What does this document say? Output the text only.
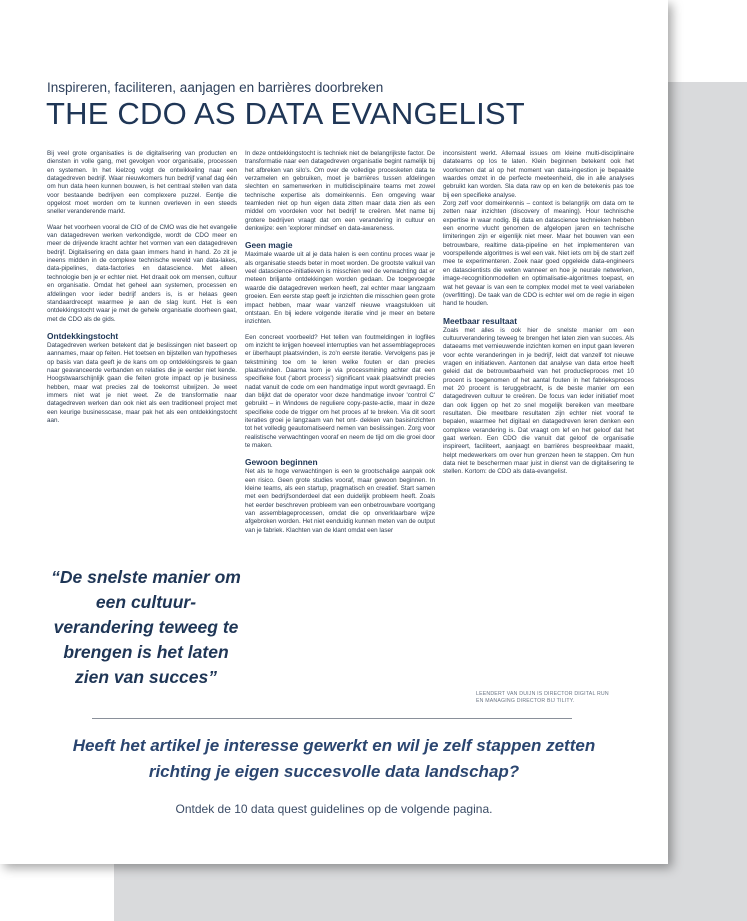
Inspireren, faciliteren, aanjagen en barrières doorbreken
THE CDO AS DATA EVANGELIST

Bij veel grote organisaties is de digitalisering van producten en diensten in volle gang, met gevolgen voor organisatie, processen en systemen. In het kielzog volgt de ontwikkeling naar een datagedreven bedrijf. Waar nieuwkomers hun bedrijf vanaf dag één om hun data heen kunnen bouwen, is het centraal stellen van data voor bestaande bedrijven een complexere puzzel. Eentje die opgelost moet worden om te kunnen overleven in een steeds sneller veranderende markt.

Waar het voorheen vooral de CIO of de CMO was die het evangelie van datagedreven werken verkondigde, wordt de CDO meer en meer de drijvende kracht achter het vormen van een datagedreven bedrijf. Digitalisering en data gaan immers hand in hand. Zo zit je ineens midden in de complexe technische wereld van data-lakes, data-pipelines, data-factories en datascience. Met alleen technologie ben je er echter niet. Het draait ook om mensen, cultuur en organisatie. Omdat het geheel aan systemen, processen en afdelingen voor ieder bedrijf anders is, is er helaas geen standaardrecept waarmee je aan de slag kunt. Het is een ontdekkingstocht waar je met de gehele organisatie doorheen gaat, met de CDO als de gids.

Ontdekkingstocht

Datagedreven werken betekent dat je beslissingen niet baseert op aannames, maar op feiten. Het toetsen en bijstellen van hypotheses op basis van data geeft je de kans om op ontdekkingsreis te gaan naar geavanceerde verbanden en relaties die je eerder niet kende. Hoogstwaarschijnlijk gaan die feiten grote impact op je business hebben, maar wat precies zal de toekomst uitwijzen. Je weet immers niet wat je niet weet. Ze de transformatie naar datagedreven werken dan ook niet als een traditioneel project met een keurige businesscase, maar pak het als een ontdekkingstocht aan.

“De snelste manier om een cultuur-verandering teweeg te brengen is het laten zien van succes”

In deze ontdekkingstocht is techniek niet de belangrijkste factor. De transformatie naar een datagedreven organisatie begint namelijk bij het afbreken van silo's. Om over de volledige procesketen data te verzamelen en gebruiken, moet je barrières tussen afdelingen slechten en samenwerken in multidisciplinaire teams met zowel technische expertise als domeinkennis. Een omgeving waar teamleden niet op hun eigen data zitten maar data zien als een middel om voordelen voor het bedrijf te creëren. Met name bij grotere bedrijven vraagt dat om een verandering in cultuur en denkwijze: een 'explorer mindset' en data-awareness.

Geen magie

Maximale waarde uit al je data halen is een continu proces waar je als organisatie steeds beter in moet worden. De grootste valkuil van veel datascience-initiatieven is misschien wel de verwachting dat er meteen briljante ontdekkingen worden gedaan. De toegevoegde waarde die datagedreven werken heeft, zal echter maar langzaam groeien. Een eerste stap geeft je inzichten die misschien geen grote impact hebben, maar waar vanzelf nieuwe vraagstukken uit ontstaan. En bij iedere volgende iteratie vind je meer en betere inzichten.

Een concreet voorbeeld? Het tellen van foutmeldingen in logfiles om inzicht te krijgen hoeveel interrupties van het assemblageproces er überhaupt plaatsvinden, is zo'n eerste iteratie. Vervolgens pas je tekstmining toe om te leren welke fouten er dan precies plaatsvinden. Daarna kom je via processmining achter dat een specifieke fout ('abort process') significant vaak plaatsvindt precies nadat vanuit de code om een handmatige input wordt gevraagd. En dan blijkt dat de operator voor deze handmatige invoer 'control C' gebruikt – in Windows de reguliere copy-paste-actie, maar in deze specifieke code de trigger om het proces af te breken. Via dit soort iteraties groei je langzaam van het ont- dekken van basisinzichten tot het volledig geautomatiseerd nemen van beslissingen. Zorg voor realistische verwachtingen vooraf en neem de tijd om die groei door te maken.

Gewoon beginnen

Net als te hoge verwachtingen is een te grootschalige aanpak ook een risico. Geen grote studies vooraf, maar gewoon beginnen. In kleine teams, als een startup, pragmatisch en creatief. Start samen met een bedrijfsonderdeel dat een duidelijk probleem heeft. Zoals het eerder beschreven probleem van een onbetrouwbare voortgang van assemblageprocessen, omdat die op onverklaarbare wijze afgebroken worden. Het niet eenduidig kunnen meten van de output van je fabriek. Klachten van de klant omdat een laser

inconsistent werkt. Allemaal issues om kleine multi-disciplinaire datateams op los te laten. Klein beginnen betekent ook het voorkomen dat al op het moment van data-ingestion je bepaalde waardes omzet in de perfecte meeteenheid, die in alle analyses gebruikt kan worden. Sla data raw op en ken de betekenis pas toe bij een specifieke analyse.

Zorg zelf voor domeinkennis – context is belangrijk om data om te zetten naar inzichten (discovery of meaning). Hour technische expertise in waar nodig. Bij data en datascience technieken hebben een enorme vlucht genomen de afgelopen jaren en technische limiteringen zijn er eigenlijk niet meer. Maar het bouwen van een betrouwbare, realtime data-pipeline en het implementeren van voorspellende algoritmes is wel een vak. Niet iets om bij de start zelf mee te experimenteren. Zoek naar goed opgeleide data-engineers en datascientists die weten wanneer en hoe je neurale netwerken, image-recognitionmodellen en optimalisatie-algoritmes toepast, en wat het gevaar is van een te complex model met te veel variabelen (overfitting). De taak van de CDO is echter wel om de regie in eigen hand te houden.

Meetbaar resultaat

Zoals met alles is ook hier de snelste manier om een cultuurverandering teweeg te brengen het laten zien van succes. Als dataeams met vernieuwende inzichten komen en input gaan leveren voor echte veranderingen in je bedrijf, leidt dat vanzelf tot nieuwe vragen en initiatieven. Aantonen dat analyse van data ertoe heeft geleid dat de betrouwbaarheid van het productieproces met 10 procent is toegenomen of het aantal fouten in het fabrieksproces met 20 procent is teruggebracht, is de beste manier om een datagedreven cultuur te creëren. De focus van ieder initiatief moet dan ook liggen op het zo snel mogelijk bereiken van meetbare resultaten. Die meetbare resultaten zijn echter niet vooraf te bepalen, waarmee het digitaal en datagedreven leren denken een complexe verandering is. Dat vraagt om lef en het geloof dat het gaat werken. Een CDO die vanuit dat geloof de organisatie inspireert, faciliteert, aanjaagt en barrières bespreekbaar maakt, helpt medewerkers om over hun grenzen heen te stappen. Om hun data niet te beschermen maar juist in dienst van de digitalisering te stellen. Kortom: de CDO als data-evangelist.

LEENDERT VAN DUIJN IS DIRECTOR DIGITAL RUN EN MANAGING DIRECTOR BIJ TILITY.
Heeft het artikel je interesse gewerkt en wil je zelf stappen zetten richting je eigen succesvolle data landschap?
Ontdek de 10 data quest guidelines op de volgende pagina.
